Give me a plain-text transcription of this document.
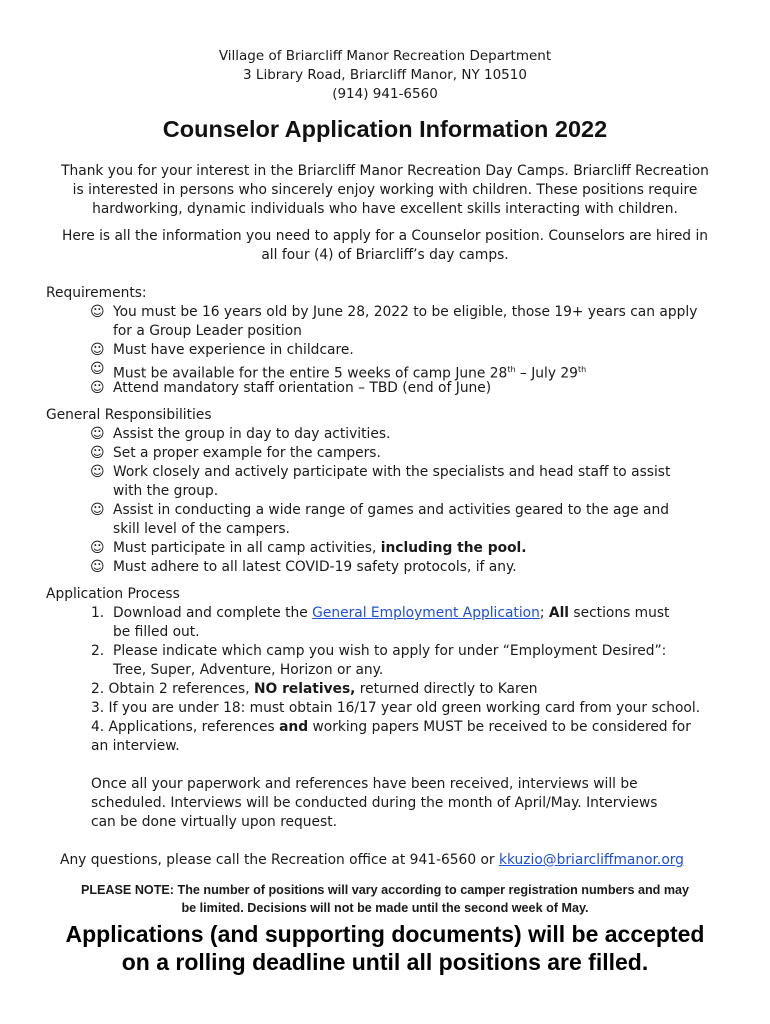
Village of Briarcliff Manor Recreation Department
3 Library Road, Briarcliff Manor, NY 10510
(914) 941-6560
Counselor Application Information 2022
Thank you for your interest in the Briarcliff Manor Recreation Day Camps. Briarcliff Recreation
is interested in persons who sincerely enjoy working with children. These positions require
hardworking, dynamic individuals who have excellent skills interacting with children.
Here is all the information you need to apply for a Counselor position. Counselors are hired in
all four (4) of Briarcliff’s day camps.
Requirements:
☺ You must be 16 years old by June 28, 2022 to be eligible, those 19+ years can apply
for a Group Leader position
☺ Must have experience in childcare.
☺ Must be available for the entire 5 weeks of camp June 28th – July 29th
☺ Attend mandatory staff orientation – TBD (end of June)
General Responsibilities
☺ Assist the group in day to day activities.
☺ Set a proper example for the campers.
☺ Work closely and actively participate with the specialists and head staff to assist
with the group.
☺ Assist in conducting a wide range of games and activities geared to the age and
skill level of the campers.
☺ Must participate in all camp activities, including the pool.
☺ Must adhere to all latest COVID-19 safety protocols, if any.
Application Process
1. Download and complete the General Employment Application; All sections must
be filled out.
2. Please indicate which camp you wish to apply for under “Employment Desired”:
Tree, Super, Adventure, Horizon or any.
2. Obtain 2 references, NO relatives, returned directly to Karen
3. If you are under 18: must obtain 16/17 year old green working card from your school.
4. Applications, references and working papers MUST be received to be considered for
an interview.
Once all your paperwork and references have been received, interviews will be
scheduled. Interviews will be conducted during the month of April/May. Interviews
can be done virtually upon request.
Any questions, please call the Recreation office at 941-6560 or kkuzio@briarcliffmanor.org
PLEASE NOTE: The number of positions will vary according to camper registration numbers and may
be limited. Decisions will not be made until the second week of May.
Applications (and supporting documents) will be accepted
on a rolling deadline until all positions are filled.
